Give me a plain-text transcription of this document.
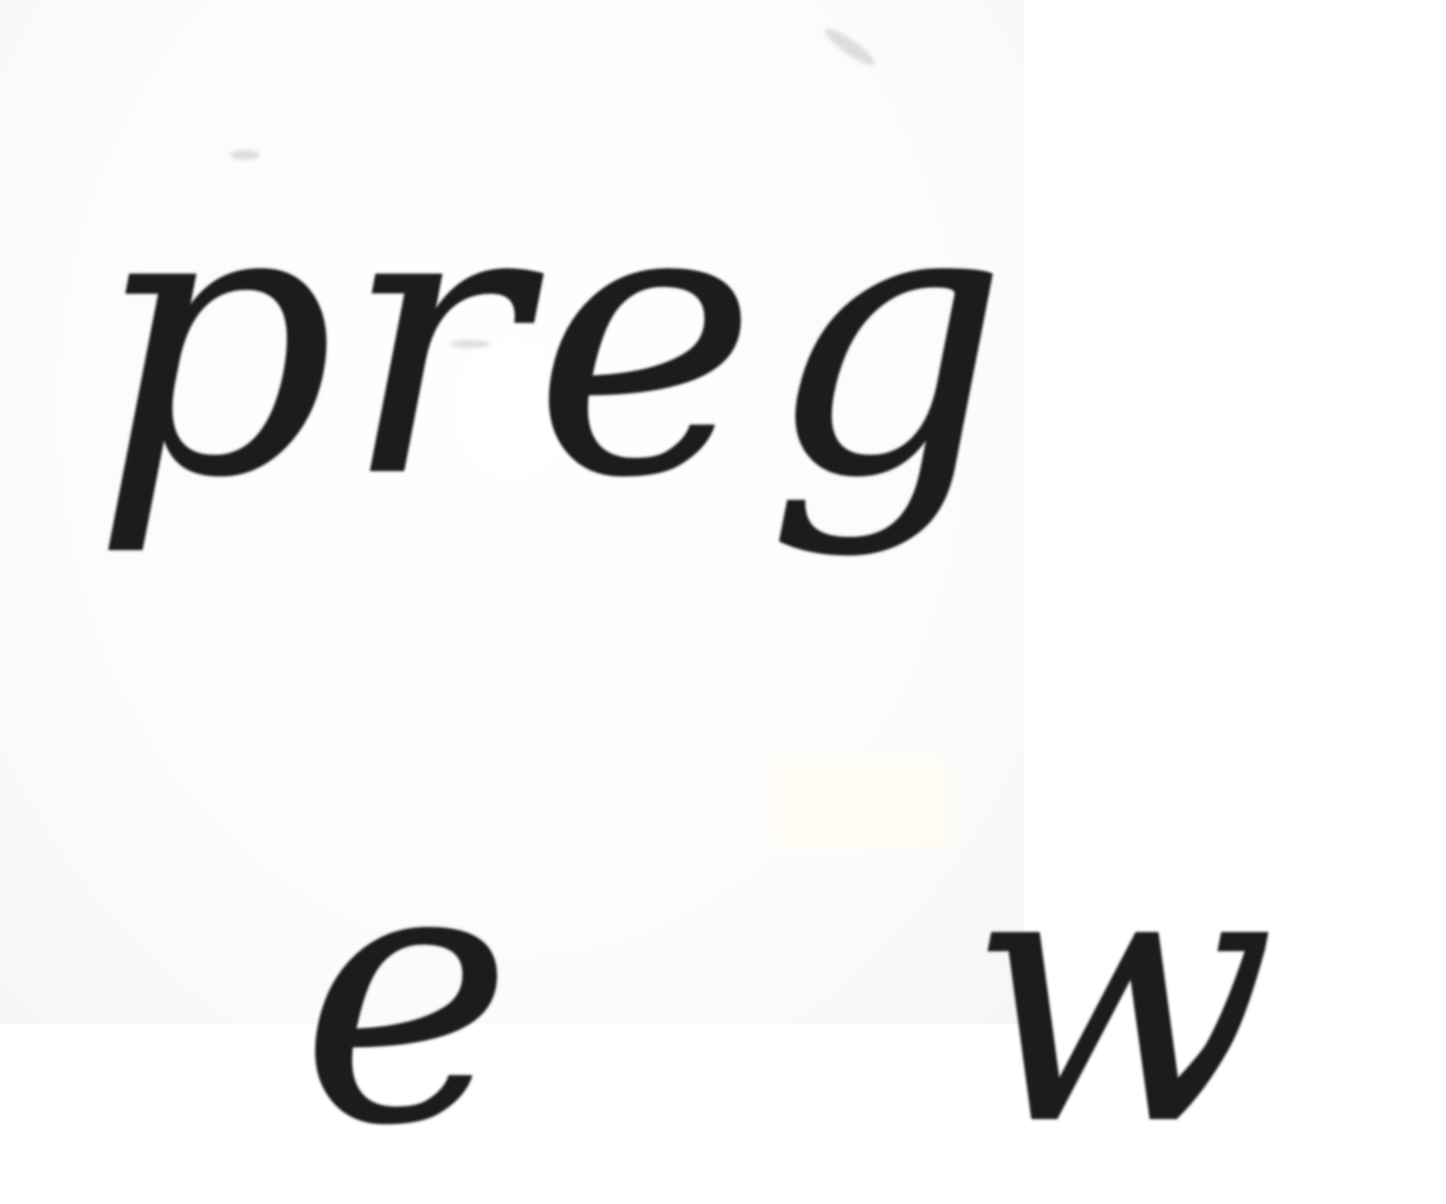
preg
e w
